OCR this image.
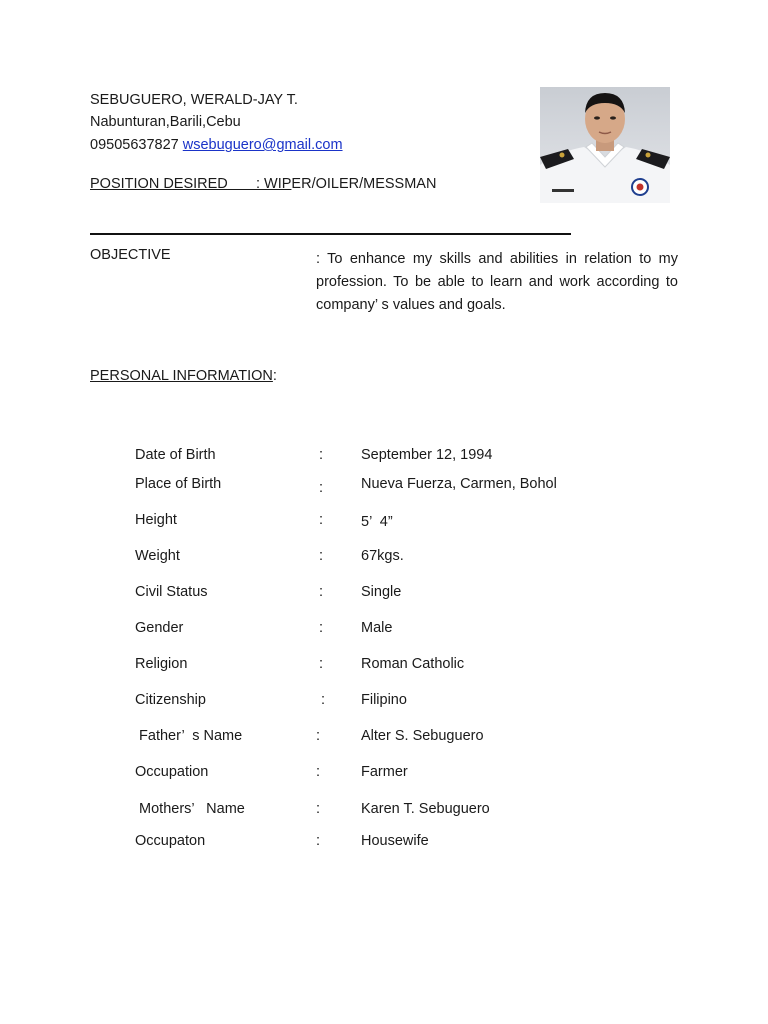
SEBUGUERO, WERALD-JAY T.
Nabunturan,Barili,Cebu
09505637827 wsebuguero@gmail.com
POSITION DESIRED       : WIPER/OILER/MESSMAN
OBJECTIVE	: To enhance my skills and abilities in relation to my profession. To be able to learn and work according to company’ s values and goals.
PERSONAL INFORMATION:
Date of Birth	:	September 12, 1994
Place of Birth	:	Nueva Fuerza, Carmen, Bohol
Height	:	5’  4”
Weight	:	67kgs.
Civil Status	:	Single
Gender	:	Male
Religion	:	Roman Catholic
Citizenship	: Filipino
Father’  s Name	:	Alter S. Sebuguero
Occupation	:	Farmer
Mothers’   Name	:	Karen T. Sebuguero
Occupaton	:	Housewife
